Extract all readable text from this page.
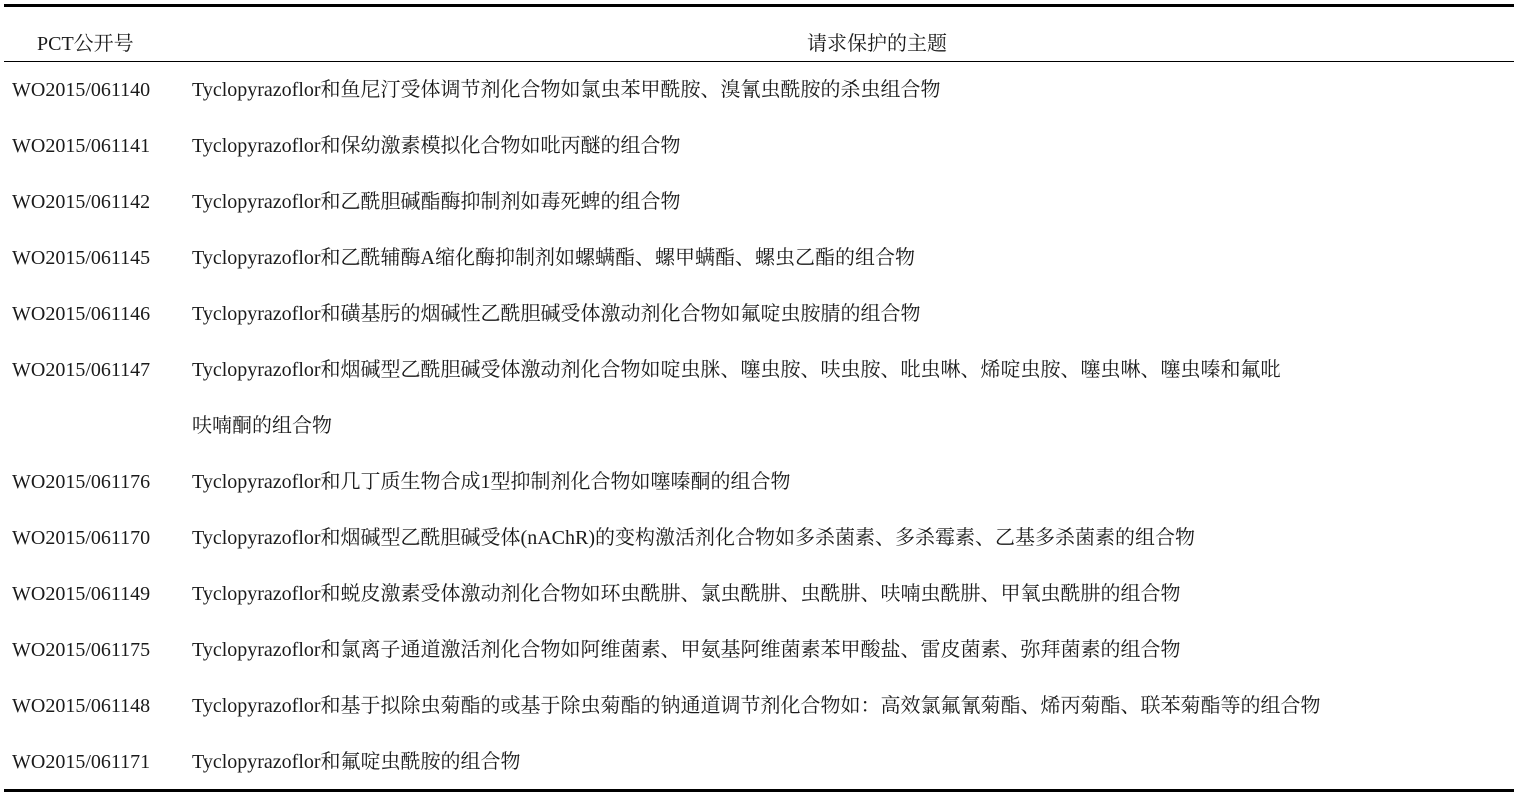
PCT公开号	请求保护的主题
WO2015/061140	Tyclopyrazoflor和鱼尼汀受体调节剂化合物如氯虫苯甲酰胺、溴氰虫酰胺的杀虫组合物
WO2015/061141	Tyclopyrazoflor和保幼激素模拟化合物如吡丙醚的组合物
WO2015/061142	Tyclopyrazoflor和乙酰胆碱酯酶抑制剂如毒死蜱的组合物
WO2015/061145	Tyclopyrazoflor和乙酰辅酶A缩化酶抑制剂如螺螨酯、螺甲螨酯、螺虫乙酯的组合物
WO2015/061146	Tyclopyrazoflor和磺基肟的烟碱性乙酰胆碱受体激动剂化合物如氟啶虫胺腈的组合物
WO2015/061147	Tyclopyrazoflor和烟碱型乙酰胆碱受体激动剂化合物如啶虫脒、噻虫胺、呋虫胺、吡虫啉、烯啶虫胺、噻虫啉、噻虫嗪和氟吡
呋喃酮的组合物
WO2015/061176	Tyclopyrazoflor和几丁质生物合成1型抑制剂化合物如噻嗪酮的组合物
WO2015/061170	Tyclopyrazoflor和烟碱型乙酰胆碱受体(nAChR)的变构激活剂化合物如多杀菌素、多杀霉素、乙基多杀菌素的组合物
WO2015/061149	Tyclopyrazoflor和蜕皮激素受体激动剂化合物如环虫酰肼、氯虫酰肼、虫酰肼、呋喃虫酰肼、甲氧虫酰肼的组合物
WO2015/061175	Tyclopyrazoflor和氯离子通道激活剂化合物如阿维菌素、甲氨基阿维菌素苯甲酸盐、雷皮菌素、弥拜菌素的组合物
WO2015/061148	Tyclopyrazoflor和基于拟除虫菊酯的或基于除虫菊酯的钠通道调节剂化合物如：高效氯氟氰菊酯、烯丙菊酯、联苯菊酯等的组合物
WO2015/061171	Tyclopyrazoflor和氟啶虫酰胺的组合物
